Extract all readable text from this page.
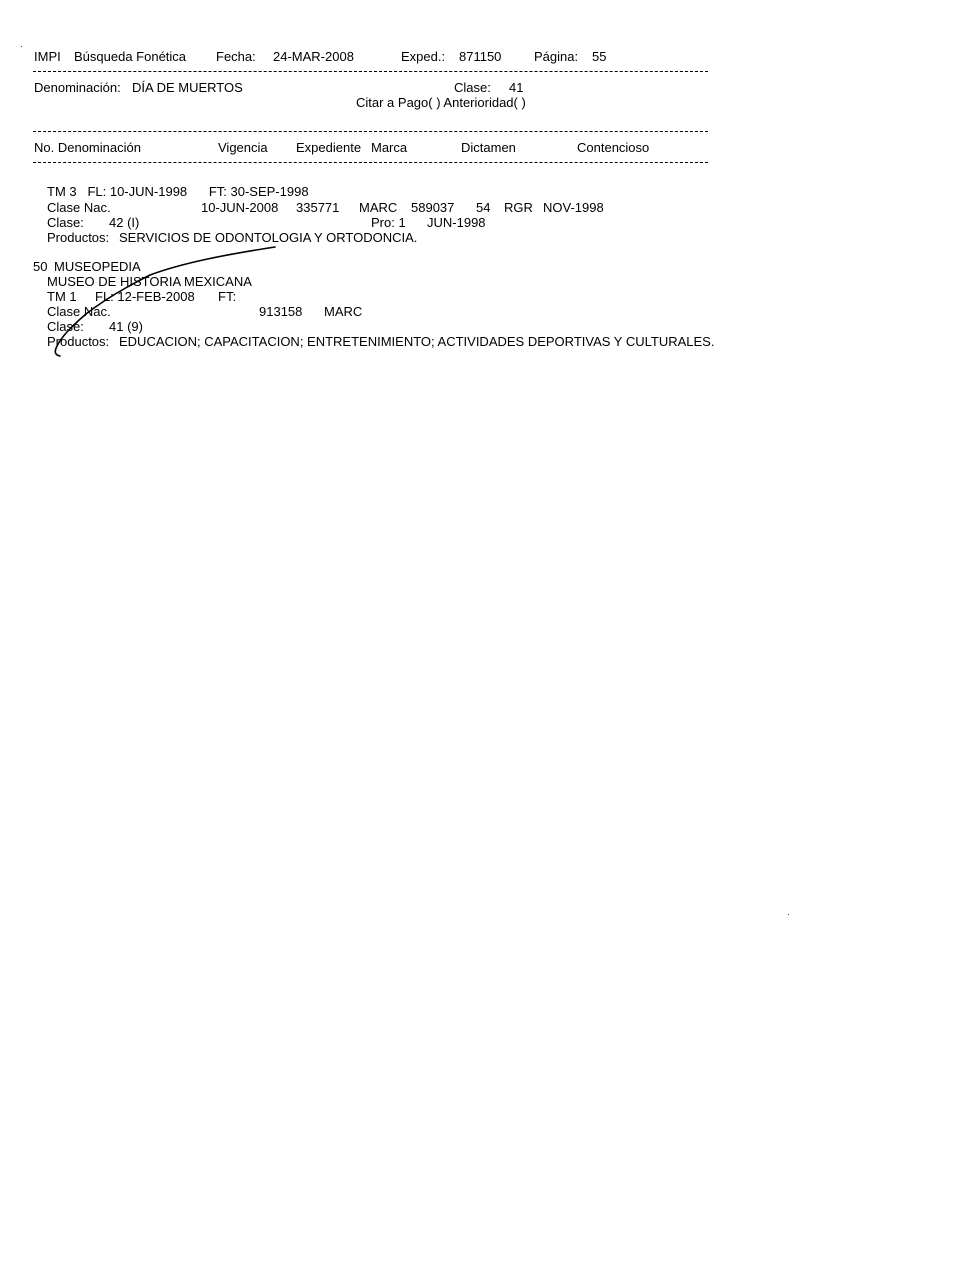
IMPI Búsqueda Fonética Fecha: 24-MAR-2008	Exped.: 871150	Página: 55
Denominación: DÍA DE MUERTOS	Clase: 41
Citar a Pago( ) Anterioridad( )
No. Denominación	Vigencia Expediente Marca	Dictamen	Contencioso
TM 3   FL: 10-JUN-1998      FT: 30-SEP-1998
Clase Nac.	10-JUN-2008 335771 MARC 589037 54 RGR NOV-1998
Clase: 42 (I)	Pro: 1 JUN-1998
Productos: SERVICIOS DE ODONTOLOGIA Y ORTODONCIA.
50 MUSEOPEDIA
MUSEO DE HISTORIA MEXICANA
TM 1 FL: 12-FEB-2008 FT:
Clase Nac.	913158 MARC
Clase: 41 (9)
Productos: EDUCACION; CAPACITACION; ENTRETENIMIENTO; ACTIVIDADES DEPORTIVAS Y CULTURALES.
